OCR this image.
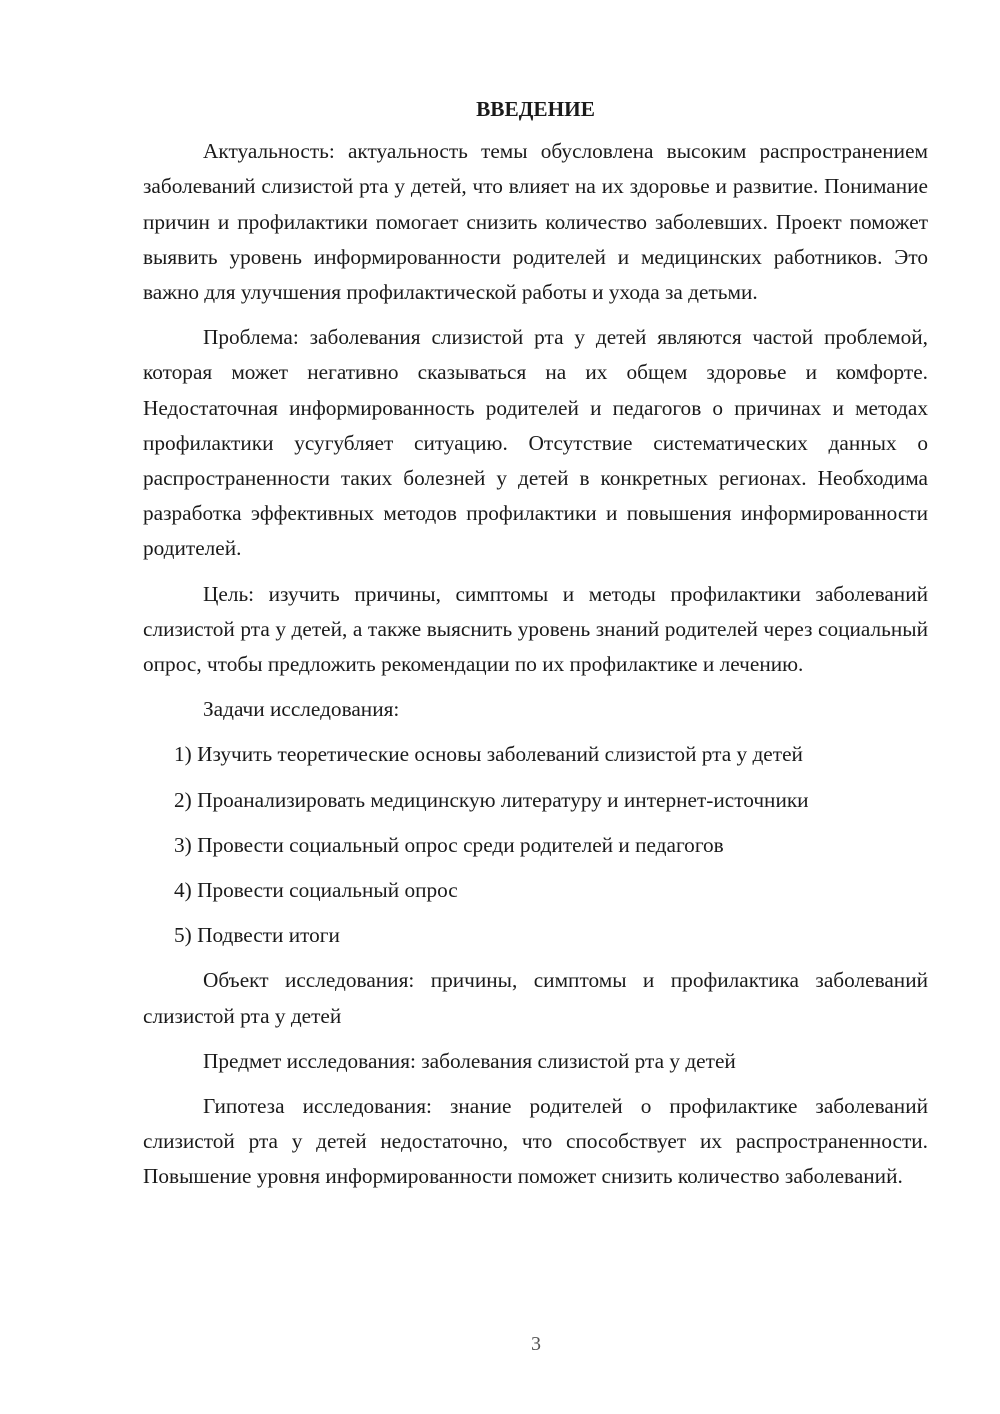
ВВЕДЕНИЕ

Актуальность: актуальность темы обусловлена высоким распространением заболеваний слизистой рта у детей, что влияет на их здоровье и развитие. Понимание причин и профилактики помогает снизить количество заболевших. Проект поможет выявить уровень информированности родителей и медицинских работников. Это важно для улучшения профилактической работы и ухода за детьми.

Проблема: заболевания слизистой рта у детей являются частой проблемой, которая может негативно сказываться на их общем здоровье и комфорте. Недостаточная информированность родителей и педагогов о причинах и методах профилактики усугубляет ситуацию. Отсутствие систематических данных о распространенности таких болезней у детей в конкретных регионах. Необходима разработка эффективных методов профилактики и повышения информированности родителей.

Цель: изучить причины, симптомы и методы профилактики заболеваний слизистой рта у детей, а также выяснить уровень знаний родителей через социальный опрос, чтобы предложить рекомендации по их профилактике и лечению.

Задачи исследования:

1) Изучить теоретические основы заболеваний слизистой рта у детей
2) Проанализировать медицинскую литературу и интернет-источники
3) Провести социальный опрос среди родителей и педагогов
4) Провести социальный опрос
5) Подвести итоги

Объект исследования: причины, симптомы и профилактика заболеваний слизистой рта у детей

Предмет исследования: заболевания слизистой рта у детей

Гипотеза исследования: знание родителей о профилактике заболеваний слизистой рта у детей недостаточно, что способствует их распространенности. Повышение уровня информированности поможет снизить количество заболеваний.

3
